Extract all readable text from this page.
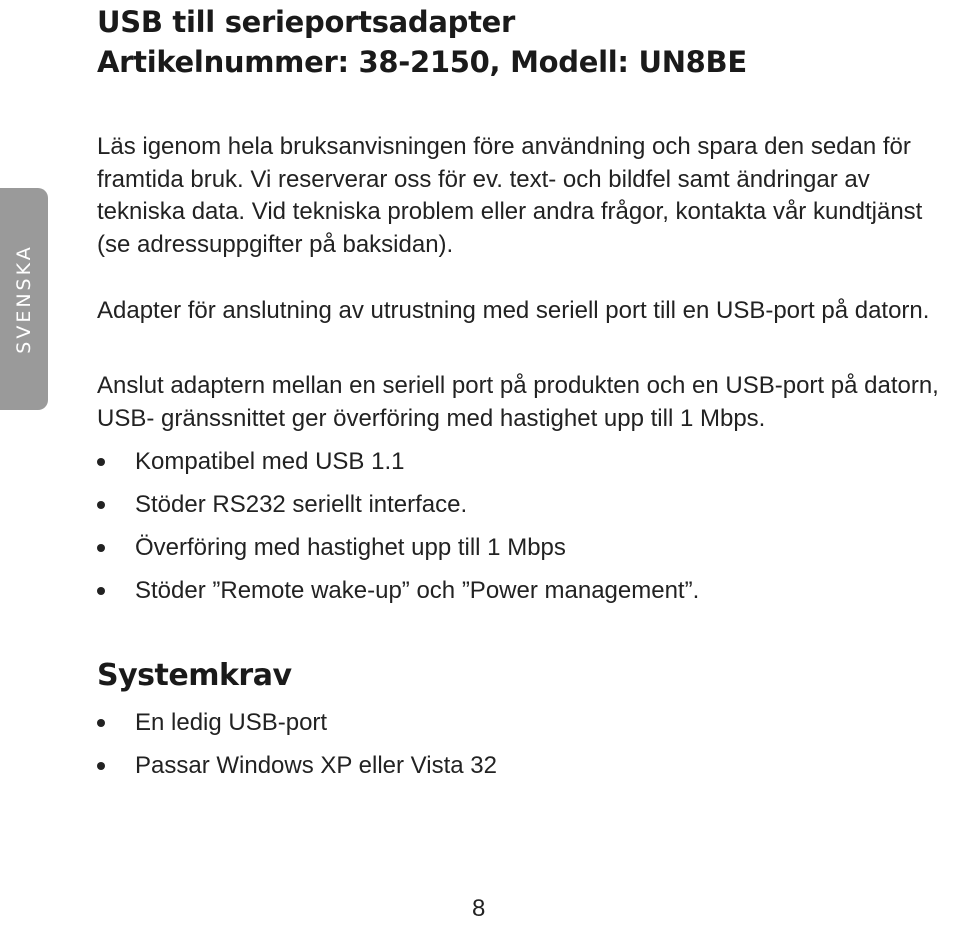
SVENSKA
USB till serieportsadapter
Artikelnummer: 38-2150, Modell: UN8BE

Läs igenom hela bruksanvisningen före användning och spara den sedan för framtida bruk. Vi reserverar oss för ev. text- och bildfel samt ändringar av tekniska data. Vid tekniska problem eller andra frågor, kontakta vår kundtjänst (se adressuppgifter på baksidan).

Adapter för anslutning av utrustning med seriell port till en USB-port på datorn.

Anslut adaptern mellan en seriell port på produkten och en USB-port på datorn, USB- gränssnittet ger överföring med hastighet upp till 1 Mbps.

Kompatibel med USB 1.1
Stöder RS232 seriellt interface.
Överföring med hastighet upp till 1 Mbps
Stöder ”Remote wake-up” och ”Power management”.
Systemkrav
En ledig USB-port
Passar Windows XP eller Vista 32
8
